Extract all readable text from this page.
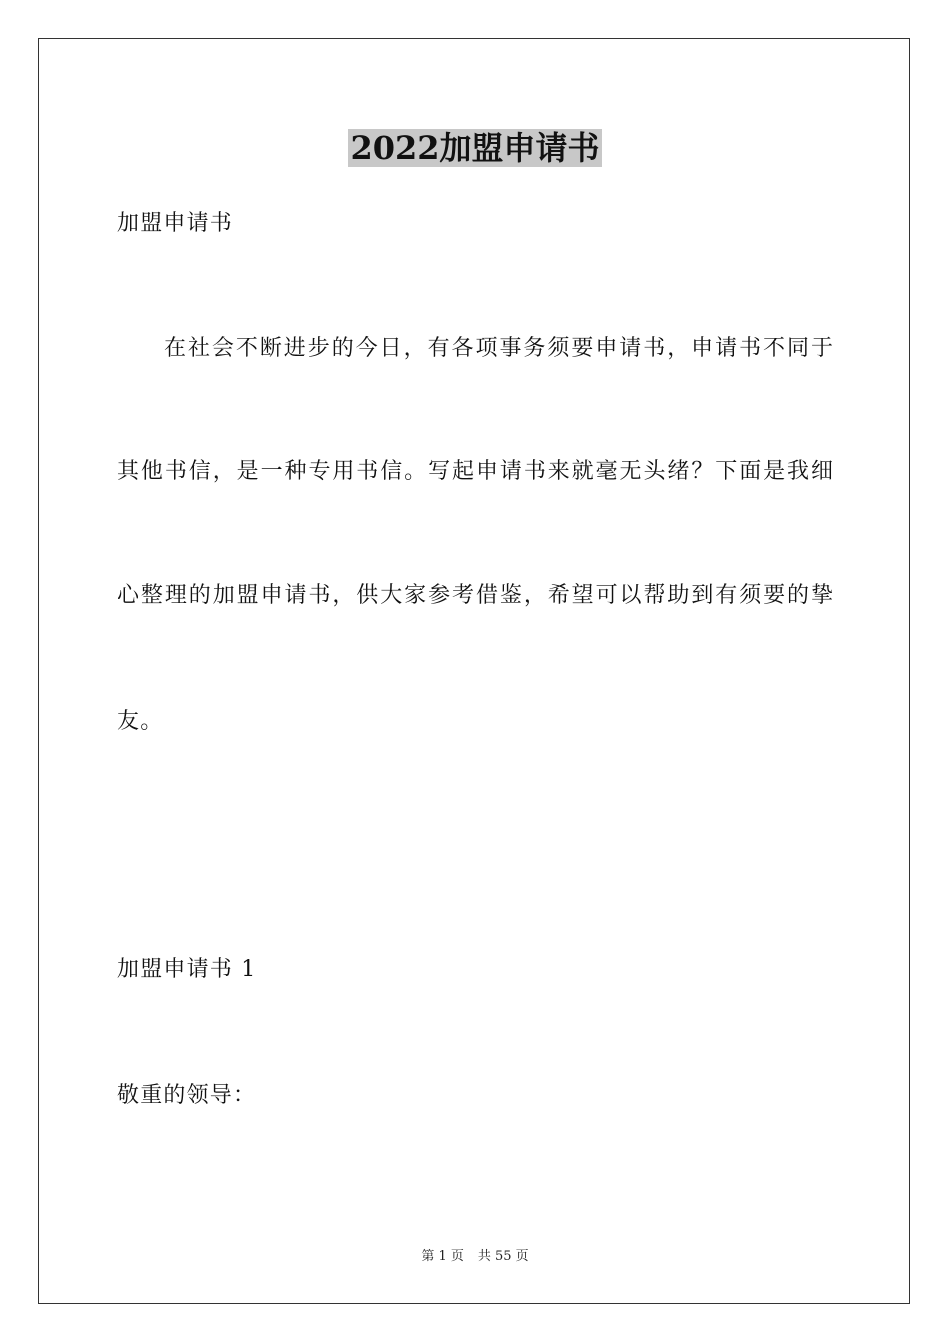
2022加盟申请书
加盟申请书
在社会不断进步的今日，有各项事务须要申请书，申请书不同于
其他书信，是一种专用书信。写起申请书来就毫无头绪？下面是我细
心整理的加盟申请书，供大家参考借鉴，希望可以帮助到有须要的挚
友。
加盟申请书 1
敬重的领导：
第 1 页 共 55 页
